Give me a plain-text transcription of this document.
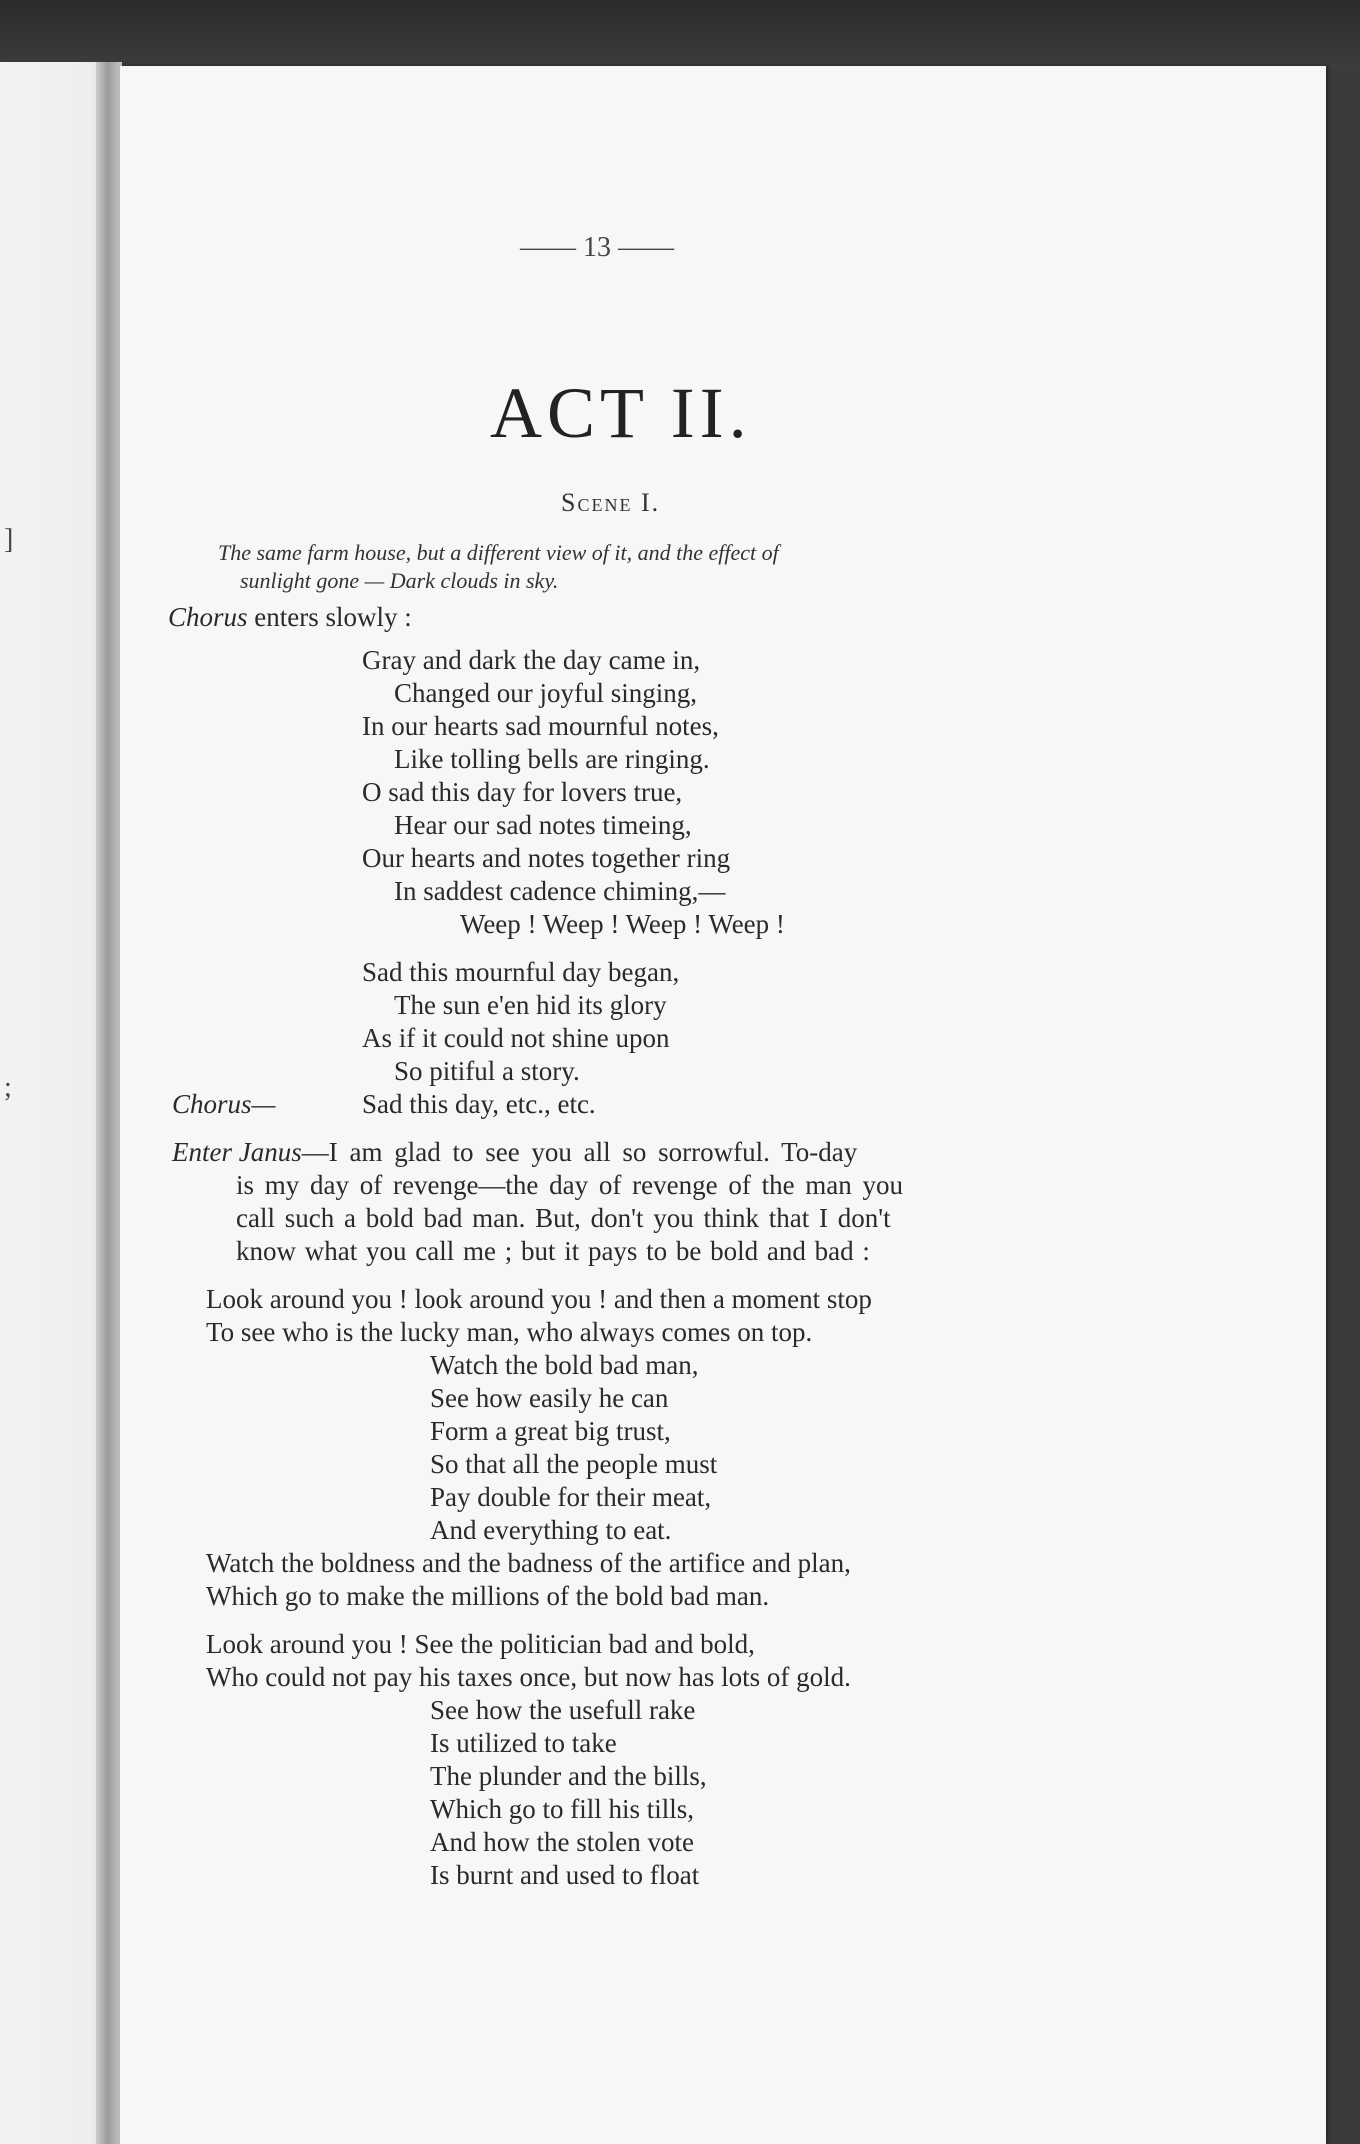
]
;
—— 13 ——
ACT II.
Scene I.
The same farm house, but a different view of it, and the effect of
sunlight gone — Dark clouds in sky.
Chorus enters slowly :
Gray and dark the day came in,
Changed our joyful singing,
In our hearts sad mournful notes,
Like tolling bells are ringing.
O sad this day for lovers true,
Hear our sad notes timeing,
Our hearts and notes together ring
In saddest cadence chiming,—
Weep ! Weep ! Weep ! Weep !
Sad this mournful day began,
The sun e'en hid its glory
As if it could not shine upon
So pitiful a story.
Chorus—	Sad this day, etc., etc.
Enter Janus—I am glad to see you all so sorrowful. To-day
is my day of revenge—the day of revenge of the man you
call such a bold bad man. But, don't you think that I don't
know what you call me ; but it pays to be bold and bad :
Look around you ! look around you ! and then a moment stop
To see who is the lucky man, who always comes on top.
Watch the bold bad man,
See how easily he can
Form a great big trust,
So that all the people must
Pay double for their meat,
And everything to eat.
Watch the boldness and the badness of the artifice and plan,
Which go to make the millions of the bold bad man.
Look around you ! See the politician bad and bold,
Who could not pay his taxes once, but now has lots of gold.
See how the usefull rake
Is utilized to take
The plunder and the bills,
Which go to fill his tills,
And how the stolen vote
Is burnt and used to float
